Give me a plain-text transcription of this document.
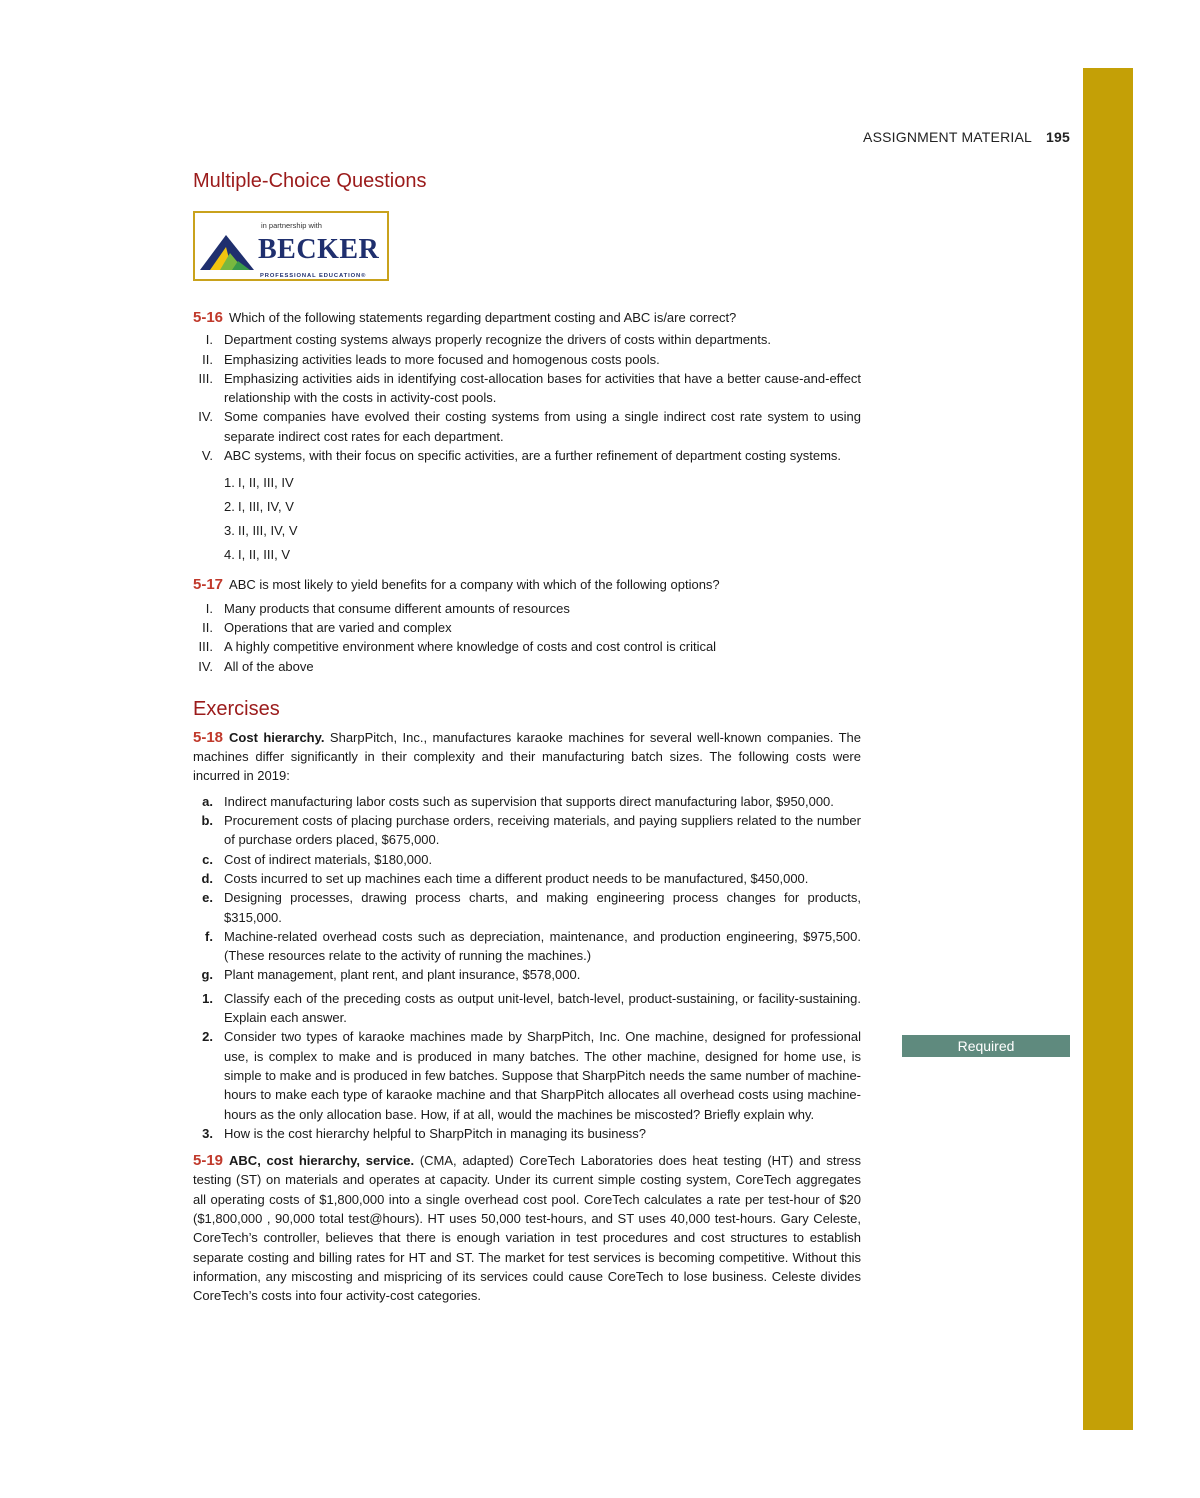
ASSIGNMENT MATERIAL 195
Required
Multiple-Choice Questions
in partnership with
BECKER
PROFESSIONAL EDUCATION®

5-16 Which of the following statements regarding department costing and ABC is/are correct?

I. Department costing systems always properly recognize the drivers of costs within departments.
II. Emphasizing activities leads to more focused and homogenous costs pools.
III. Emphasizing activities aids in identifying cost-allocation bases for activities that have a better cause-and-effect relationship with the costs in activity-cost pools.
IV. Some companies have evolved their costing systems from using a single indirect cost rate system to using separate indirect cost rates for each department.
V. ABC systems, with their focus on specific activities, are a further refinement of department costing systems.
1. I, II, III, IV
2. I, III, IV, V
3. II, III, IV, V
4. I, II, III, V

5-17 ABC is most likely to yield benefits for a company with which of the following options?

I. Many products that consume different amounts of resources
II. Operations that are varied and complex
III. A highly competitive environment where knowledge of costs and cost control is critical
IV. All of the above
Exercises

5-18 Cost hierarchy. SharpPitch, Inc., manufactures karaoke machines for several well-known companies. The machines differ significantly in their complexity and their manufacturing batch sizes. The following costs were incurred in 2019:

a. Indirect manufacturing labor costs such as supervision that supports direct manufacturing labor, $950,000.
b. Procurement costs of placing purchase orders, receiving materials, and paying suppliers related to the number of purchase orders placed, $675,000.
c. Cost of indirect materials, $180,000.
d. Costs incurred to set up machines each time a different product needs to be manufactured, $450,000.
e. Designing processes, drawing process charts, and making engineering process changes for products, $315,000.
f. Machine-related overhead costs such as depreciation, maintenance, and production engineering, $975,500. (These resources relate to the activity of running the machines.)
g. Plant management, plant rent, and plant insurance, $578,000.
1. Classify each of the preceding costs as output unit-level, batch-level, product-sustaining, or facility-sustaining. Explain each answer.
2. Consider two types of karaoke machines made by SharpPitch, Inc. One machine, designed for professional use, is complex to make and is produced in many batches. The other machine, designed for home use, is simple to make and is produced in few batches. Suppose that SharpPitch needs the same number of machine-hours to make each type of karaoke machine and that SharpPitch allocates all overhead costs using machine-hours as the only allocation base. How, if at all, would the machines be miscosted? Briefly explain why.
3. How is the cost hierarchy helpful to SharpPitch in managing its business?

5-19 ABC, cost hierarchy, service. (CMA, adapted) CoreTech Laboratories does heat testing (HT) and stress testing (ST) on materials and operates at capacity. Under its current simple costing system, CoreTech aggregates all operating costs of $1,800,000 into a single overhead cost pool. CoreTech calculates a rate per test-hour of $20 ($1,800,000 , 90,000 total test@hours). HT uses 50,000 test-hours, and ST uses 40,000 test-hours. Gary Celeste, CoreTech’s controller, believes that there is enough variation in test procedures and cost structures to establish separate costing and billing rates for HT and ST. The market for test services is becoming competitive. Without this information, any miscosting and mispricing of its services could cause CoreTech to lose business. Celeste divides CoreTech’s costs into four activity-cost categories.
